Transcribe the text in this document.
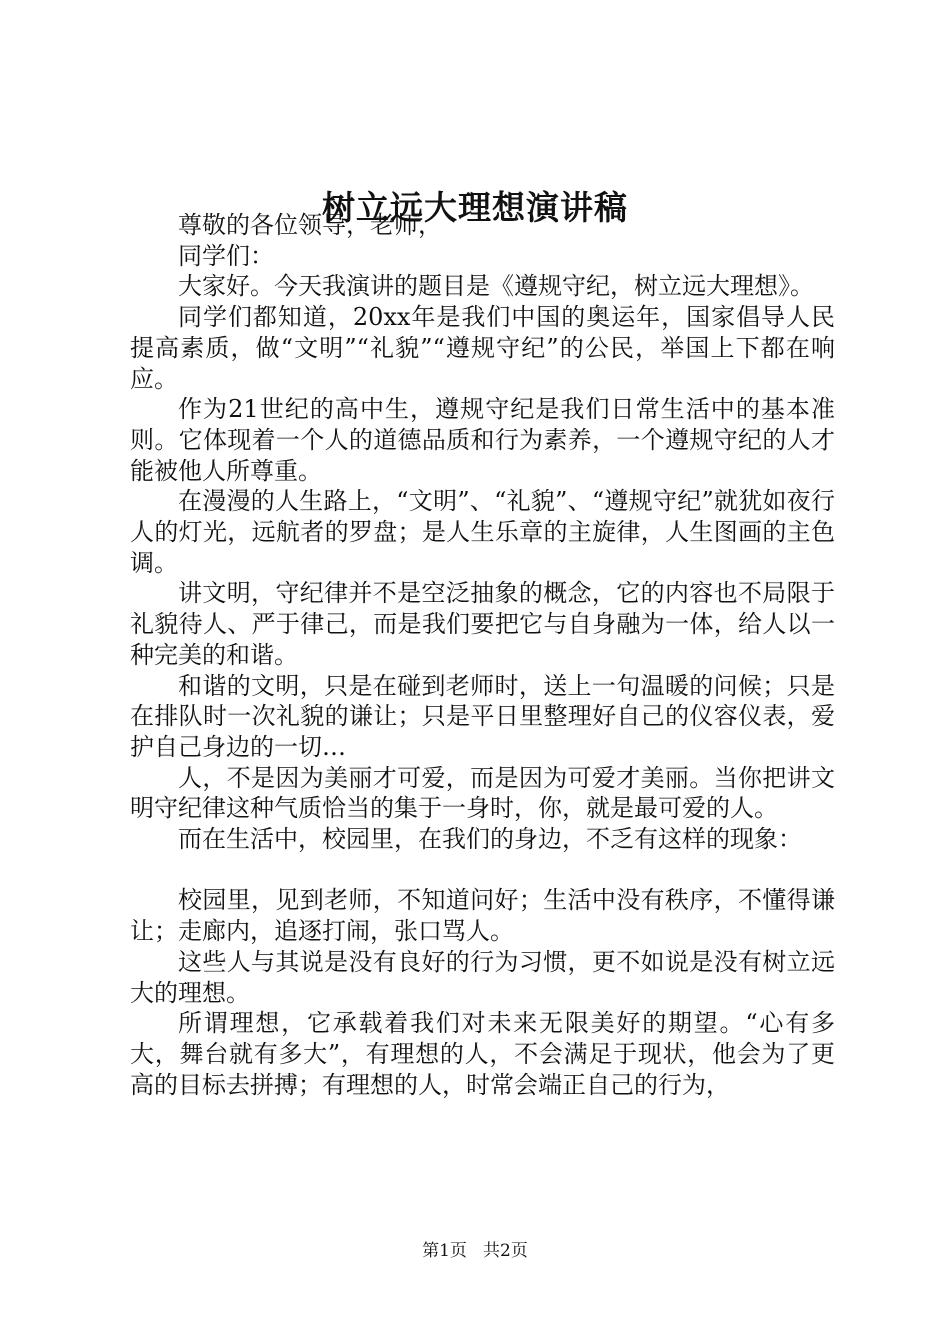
树立远大理想演讲稿

尊敬的各位领导，老师，

同学们：

大家好。今天我演讲的题目是《遵规守纪，树立远大理想》。

同学们都知道，20xx年是我们中国的奥运年，国家倡导人民提高素质，做“文明”“礼貌”“遵规守纪”的公民，举国上下都在响应。

作为21世纪的高中生，遵规守纪是我们日常生活中的基本准则。它体现着一个人的道德品质和行为素养，一个遵规守纪的人才能被他人所尊重。

在漫漫的人生路上，“文明”、“礼貌”、“遵规守纪”就犹如夜行人的灯光，远航者的罗盘；是人生乐章的主旋律，人生图画的主色调。

讲文明，守纪律并不是空泛抽象的概念，它的内容也不局限于礼貌待人、严于律己，而是我们要把它与自身融为一体，给人以一种完美的和谐。

和谐的文明，只是在碰到老师时，送上一句温暖的问候；只是在排队时一次礼貌的谦让；只是平日里整理好自己的仪容仪表，爱护自己身边的一切…

人，不是因为美丽才可爱，而是因为可爱才美丽。当你把讲文明守纪律这种气质恰当的集于一身时，你，就是最可爱的人。

而在生活中，校园里，在我们的身边，不乏有这样的现象：

校园里，见到老师，不知道问好；生活中没有秩序，不懂得谦让；走廊内，追逐打闹，张口骂人。

这些人与其说是没有良好的行为习惯，更不如说是没有树立远大的理想。

所谓理想，它承载着我们对未来无限美好的期望。“心有多大，舞台就有多大”，有理想的人，不会满足于现状，他会为了更高的目标去拼搏；有理想的人，时常会端正自己的行为，

第1页 共2页
